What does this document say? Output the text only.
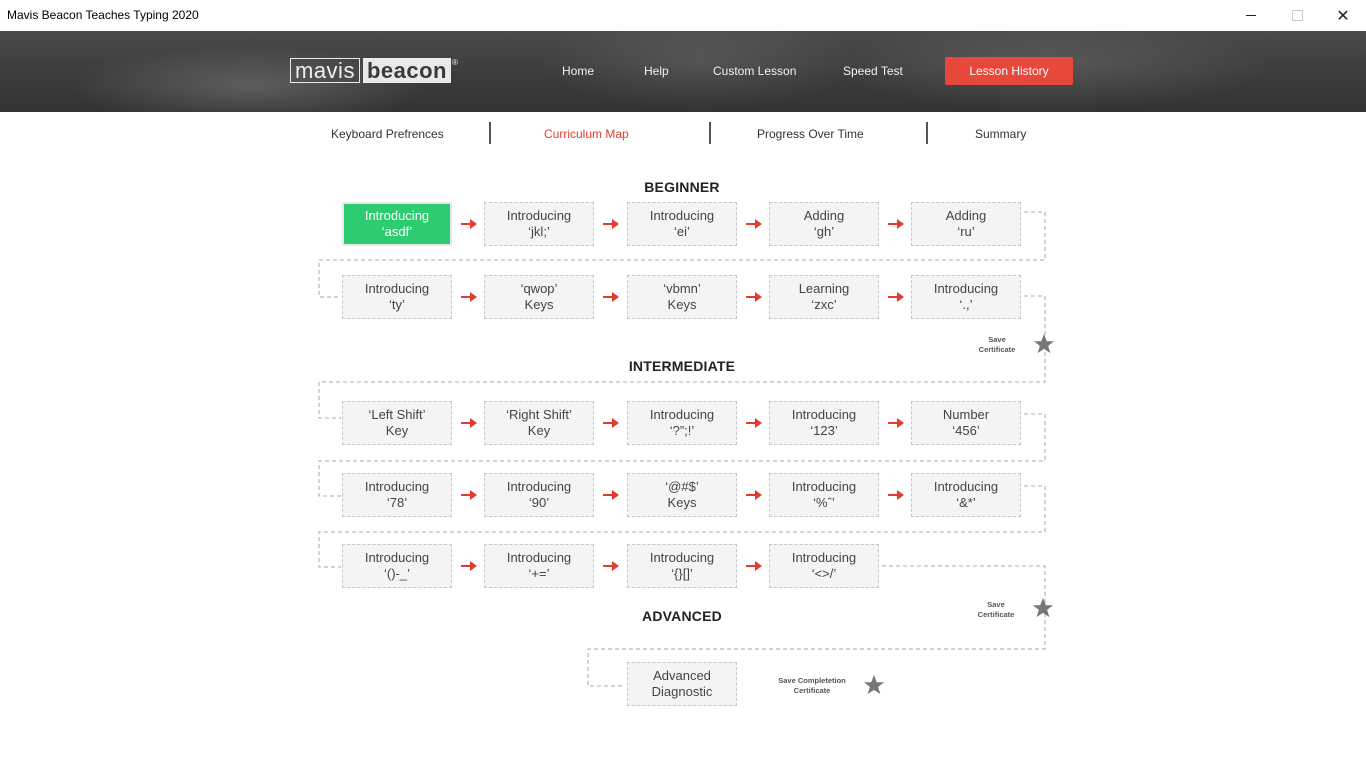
Mavis Beacon Teaches Typing 2020	✕
mavis beacon ®
Home	Help	Custom Lesson	Speed Test	Lesson History
Keyboard Prefrences	Curriculum Map	Progress Over Time	Summary
BEGINNER
INTERMEDIATE
ADVANCED
Introducing
‘asdf’
Introducing
‘jkl;’
Introducing
‘ei’
Adding
‘gh’
Adding
‘ru’
Introducing
‘ty’
‘qwop’
Keys
‘vbmn’
Keys
Learning
‘zxc’
Introducing
‘.,’
‘Left Shift’
Key
‘Right Shift’
Key
Introducing
‘?”;!’
Introducing
‘123’
Number
‘456’
Introducing
‘78’
Introducing
‘90’
‘@#$’
Keys
Introducing
‘%ˆ’
Introducing
‘&*’
Introducing
‘()-_’
Introducing
‘+=’
Introducing
‘{}[]’
Introducing
‘<>/’
Advanced
Diagnostic
Save
Certificate
Save
Certificate
Save Completetion
Certificate
